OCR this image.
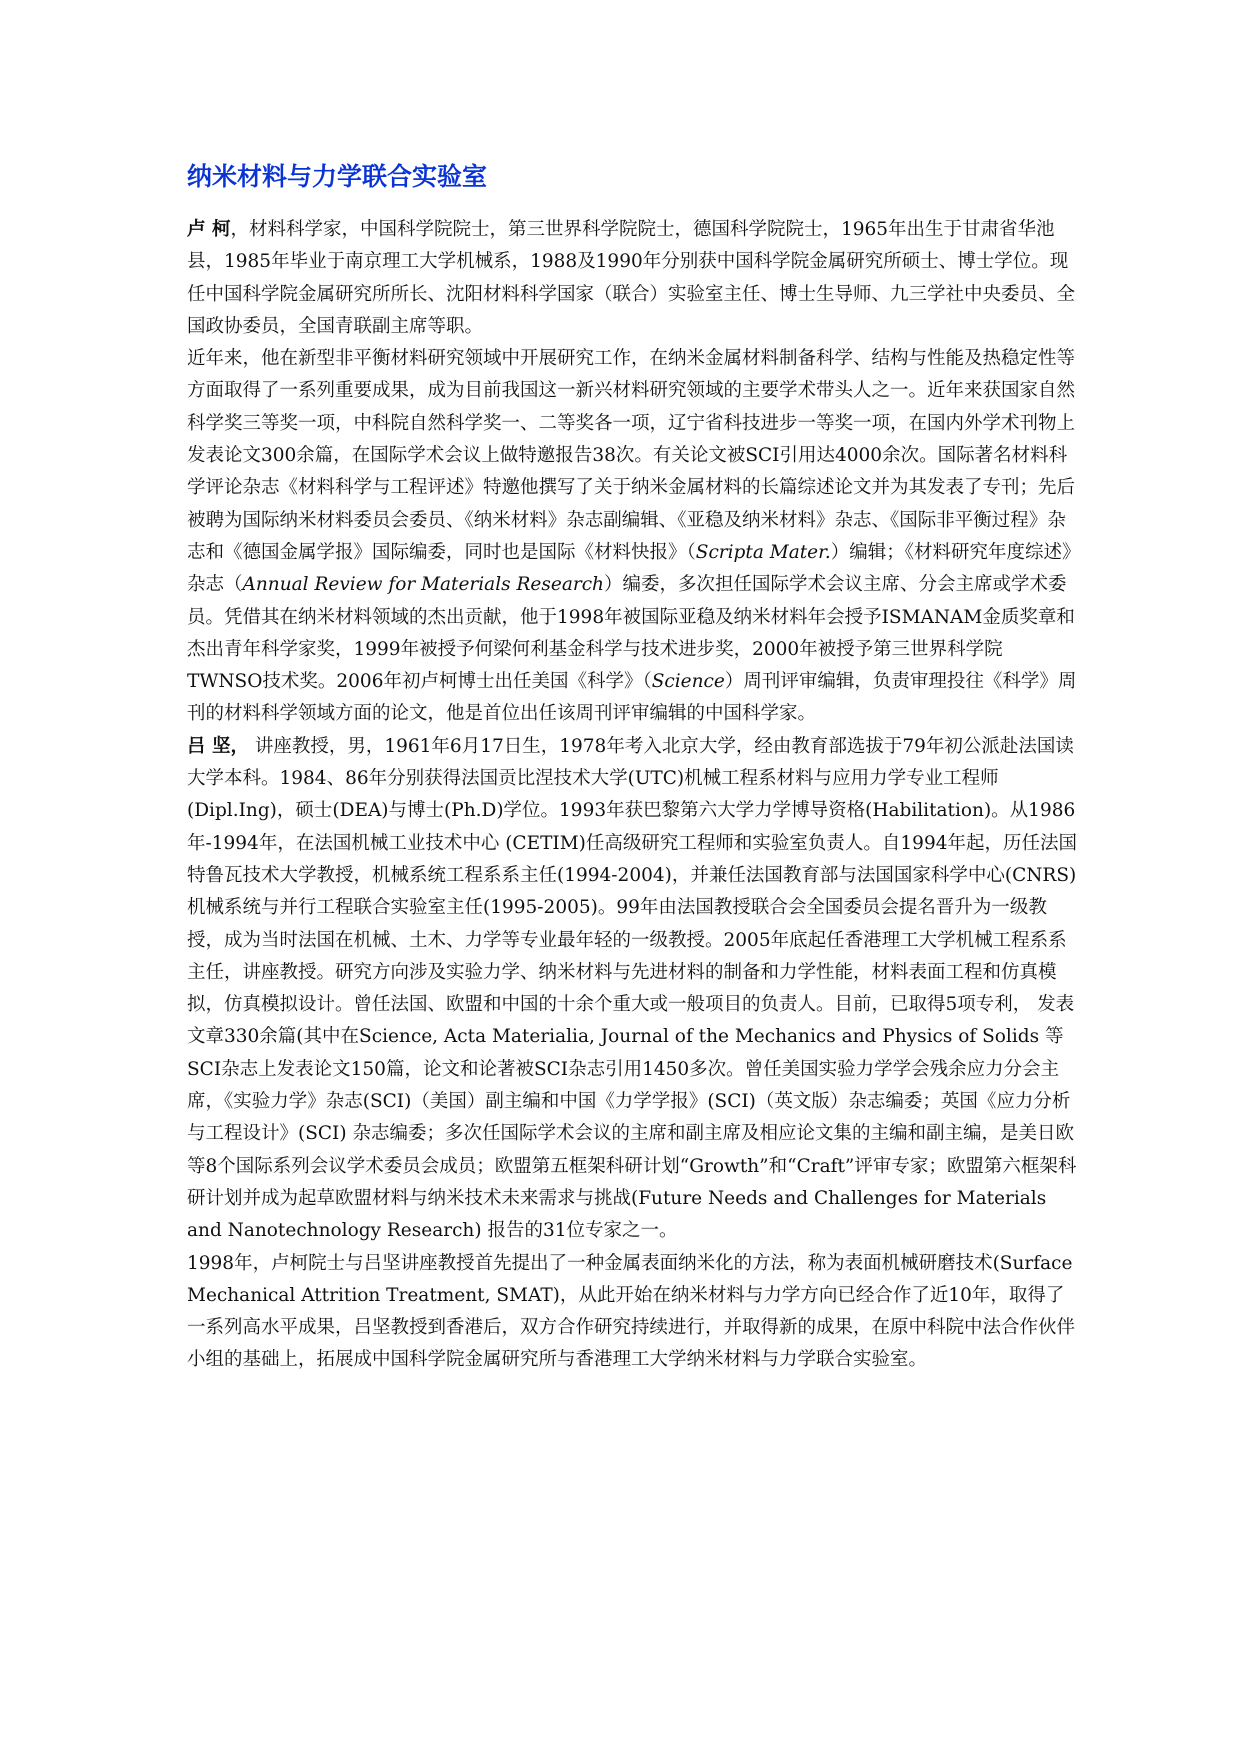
纳米材料与力学联合实验室

卢 柯，材料科学家，中国科学院院士，第三世界科学院院士，德国科学院院士，1965年出生于甘肃省华池县，1985年毕业于南京理工大学机械系，1988及1990年分别获中国科学院金属研究所硕士、博士学位。现任中国科学院金属研究所所长、沈阳材料科学国家（联合）实验室主任、博士生导师、九三学社中央委员、全国政协委员，全国青联副主席等职。

近年来，他在新型非平衡材料研究领域中开展研究工作，在纳米金属材料制备科学、结构与性能及热稳定性等方面取得了一系列重要成果，成为目前我国这一新兴材料研究领域的主要学术带头人之一。近年来获国家自然科学奖三等奖一项，中科院自然科学奖一、二等奖各一项，辽宁省科技进步一等奖一项，在国内外学术刊物上发表论文300余篇，在国际学术会议上做特邀报告38次。有关论文被SCI引用达4000余次。国际著名材料科学评论杂志《材料科学与工程评述》特邀他撰写了关于纳米金属材料的长篇综述论文并为其发表了专刊；先后被聘为国际纳米材料委员会委员、《纳米材料》杂志副编辑、《亚稳及纳米材料》杂志、《国际非平衡过程》杂志和《德国金属学报》国际编委，同时也是国际《材料快报》（Scripta Mater.）编辑；《材料研究年度综述》杂志（Annual Review for Materials Research）编委，多次担任国际学术会议主席、分会主席或学术委员。凭借其在纳米材料领域的杰出贡献，他于1998年被国际亚稳及纳米材料年会授予ISMANAM金质奖章和杰出青年科学家奖，1999年被授予何梁何利基金科学与技术进步奖，2000年被授予第三世界科学院TWNSO技术奖。2006年初卢柯博士出任美国《科学》（Science）周刊评审编辑，负责审理投往《科学》周刊的材料科学领域方面的论文，他是首位出任该周刊评审编辑的中国科学家。

吕 坚， 讲座教授，男，1961年6月17日生，1978年考入北京大学，经由教育部选拔于79年初公派赴法国读大学本科。1984、86年分别获得法国贡比涅技术大学(UTC)机械工程系材料与应用力学专业工程师(Dipl.Ing)，硕士(DEA)与博士(Ph.D)学位。1993年获巴黎第六大学力学博导资格(Habilitation)。从1986年-1994年，在法国机械工业技术中心 (CETIM)任高级研究工程师和实验室负责人。自1994年起，历任法国特鲁瓦技术大学教授，机械系统工程系系主任(1994-2004)，并兼任法国教育部与法国国家科学中心(CNRS)机械系统与并行工程联合实验室主任(1995-2005)。99年由法国教授联合会全国委员会提名晋升为一级教授，成为当时法国在机械、土木、力学等专业最年轻的一级教授。2005年底起任香港理工大学机械工程系系主任，讲座教授。研究方向涉及实验力学、纳米材料与先进材料的制备和力学性能，材料表面工程和仿真模拟，仿真模拟设计。曾任法国、欧盟和中国的十余个重大或一般项目的负责人。目前，已取得5项专利， 发表文章330余篇(其中在Science, Acta Materialia, Journal of the Mechanics and Physics of Solids 等SCI杂志上发表论文150篇，论文和论著被SCI杂志引用1450多次。曾任美国实验力学学会残余应力分会主席，《实验力学》杂志(SCI)（美国）副主编和中国《力学学报》(SCI)（英文版）杂志编委；英国《应力分析与工程设计》(SCI) 杂志编委；多次任国际学术会议的主席和副主席及相应论文集的主编和副主编，是美日欧等8个国际系列会议学术委员会成员；欧盟第五框架科研计划“Growth”和“Craft”评审专家；欧盟第六框架科研计划并成为起草欧盟材料与纳米技术未来需求与挑战(Future Needs and Challenges for Materials and Nanotechnology Research) 报告的31位专家之一。

1998年，卢柯院士与吕坚讲座教授首先提出了一种金属表面纳米化的方法，称为表面机械研磨技术(Surface Mechanical Attrition Treatment, SMAT)，从此开始在纳米材料与力学方向已经合作了近10年，取得了一系列高水平成果，吕坚教授到香港后，双方合作研究持续进行，并取得新的成果，在原中科院中法合作伙伴小组的基础上，拓展成中国科学院金属研究所与香港理工大学纳米材料与力学联合实验室。
